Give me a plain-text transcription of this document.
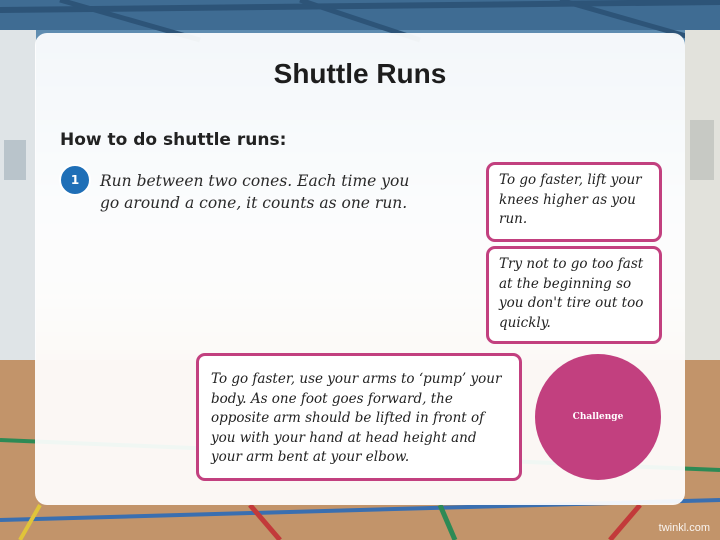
Shuttle Runs
How to do shuttle runs:
1	Run between two cones. Each time you go around a cone, it counts as one run.
To go faster, lift your knees higher as you run.
Try not to go too fast at the beginning so you don't tire out too quickly.
To go faster, use your arms to ‘pump’ your body. As one foot goes forward, the opposite arm should be lifted in front of you with your hand at head height and your arm bent at your elbow.
Challenge
twinkl.com
